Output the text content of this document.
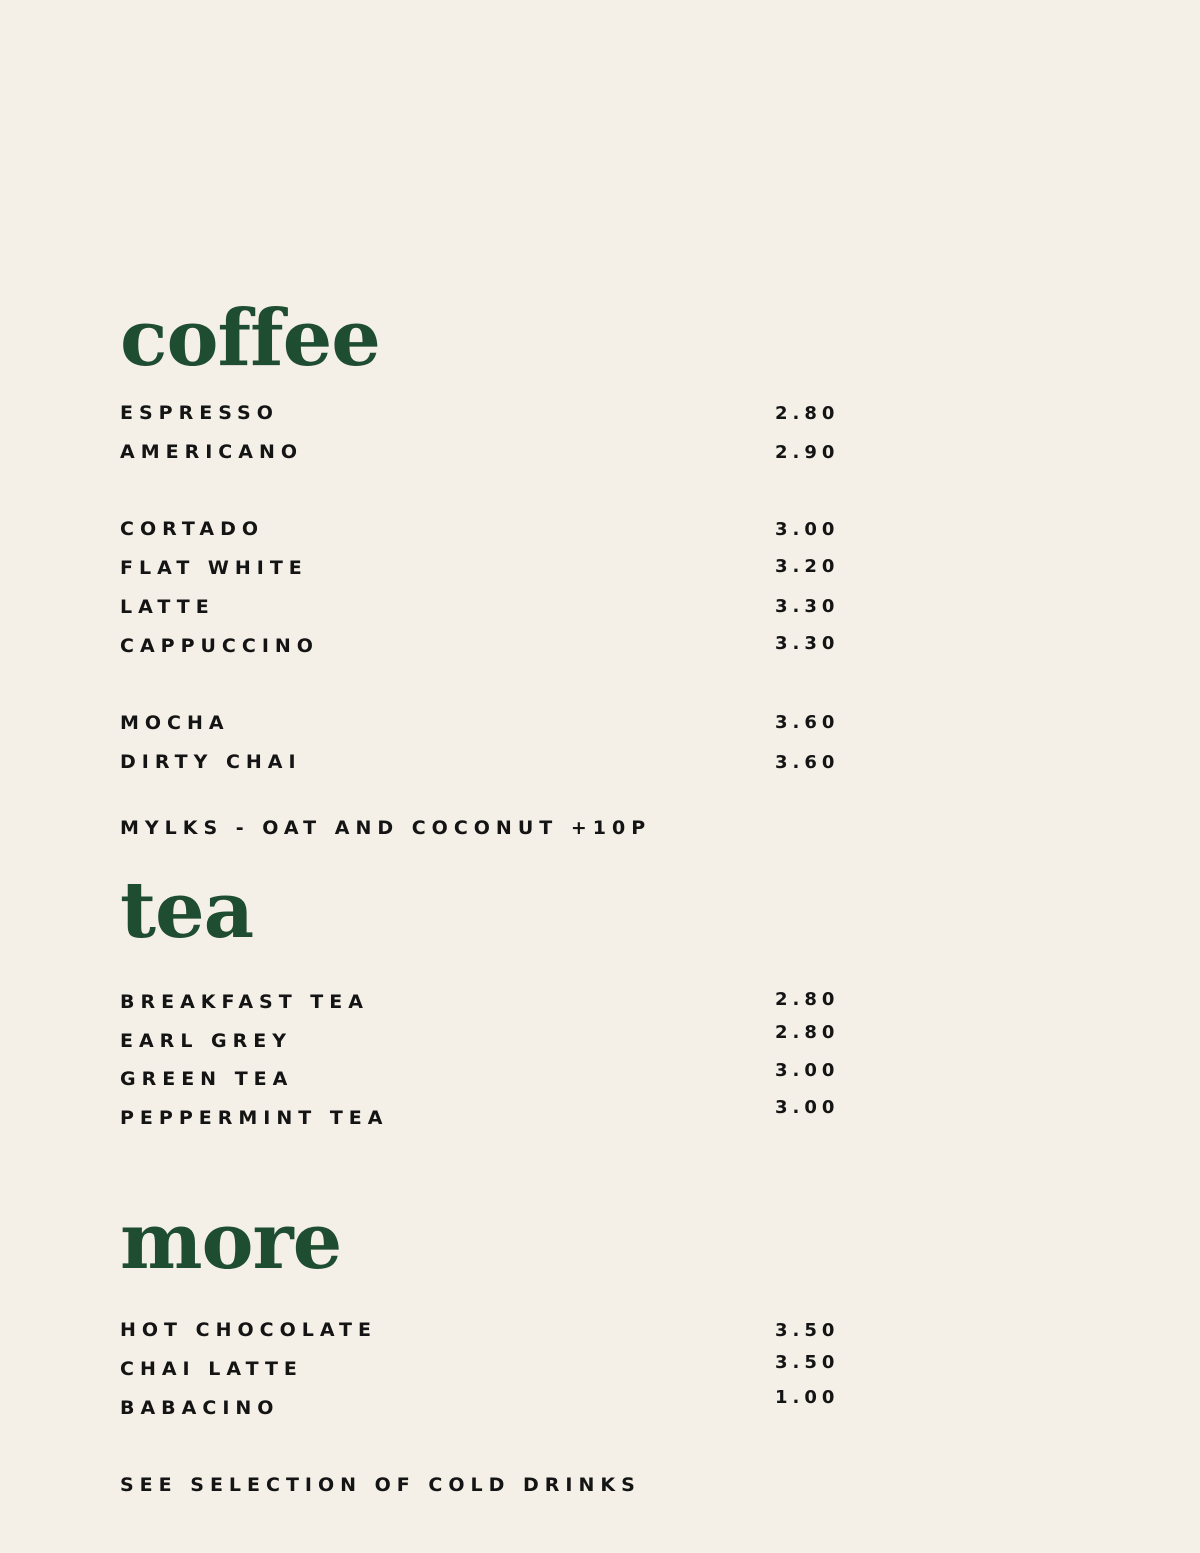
coffee
ESPRESSO	2.80
AMERICANO	2.90
CORTADO	3.00
FLAT WHITE	3.20
LATTE	3.30
CAPPUCCINO	3.30
MOCHA	3.60
DIRTY CHAI	3.60
MYLKS - OAT AND COCONUT +10P
tea
BREAKFAST TEA	2.80
EARL GREY	2.80
GREEN TEA	3.00
PEPPERMINT TEA	3.00
more
HOT CHOCOLATE	3.50
CHAI LATTE	3.50
BABACINO	1.00
SEE SELECTION OF COLD DRINKS
